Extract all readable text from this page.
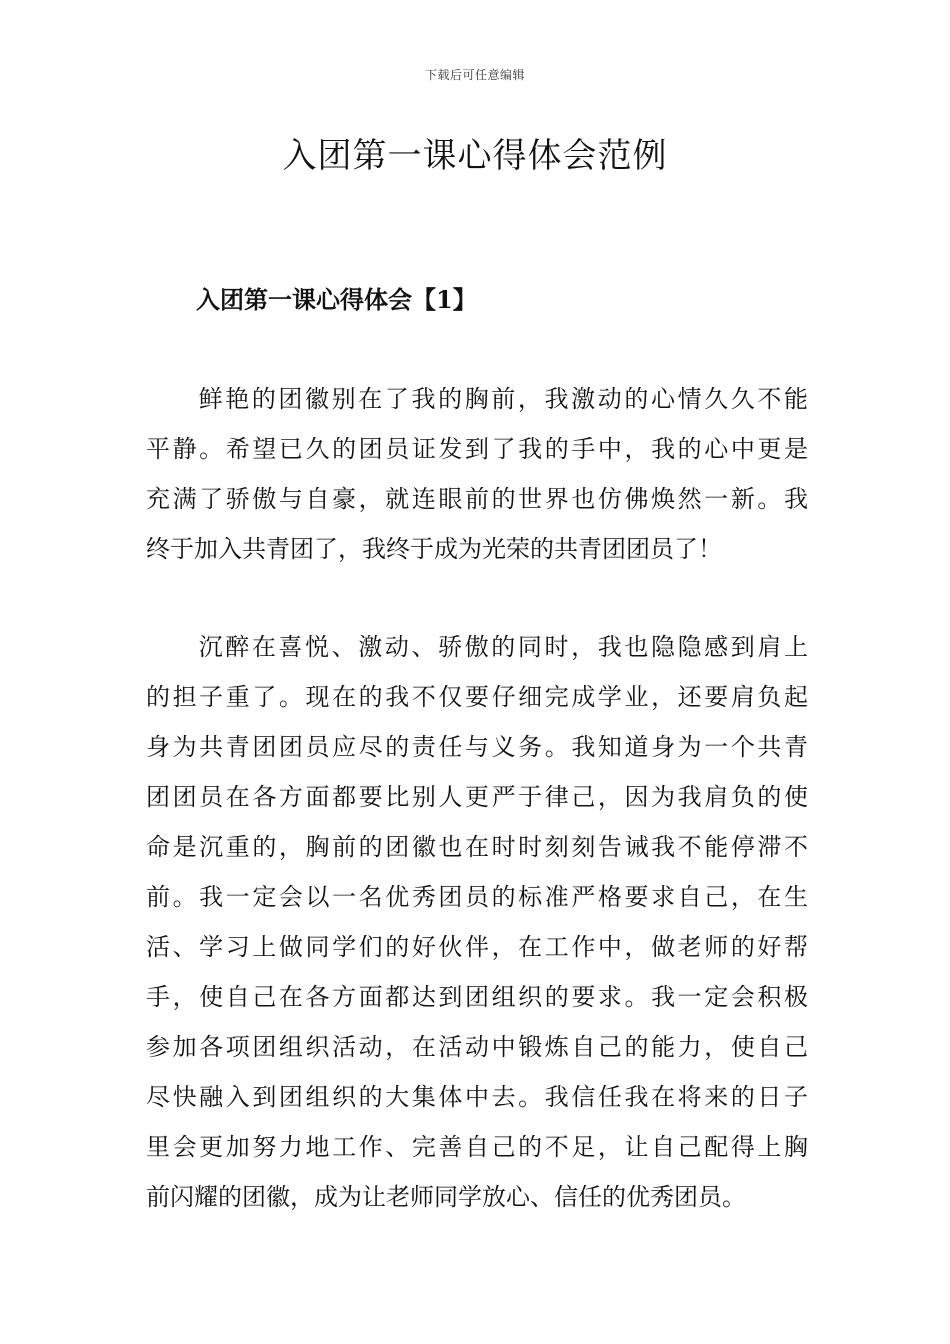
下载后可任意编辑
入团第一课心得体会范例
入团第一课心得体会【1】
鲜艳的团徽别在了我的胸前，我激动的心情久久不能
平静。希望已久的团员证发到了我的手中，我的心中更是
充满了骄傲与自豪，就连眼前的世界也仿佛焕然一新。我
终于加入共青团了，我终于成为光荣的共青团团员了！
沉醉在喜悦、激动、骄傲的同时，我也隐隐感到肩上
的担子重了。现在的我不仅要仔细完成学业，还要肩负起
身为共青团团员应尽的责任与义务。我知道身为一个共青
团团员在各方面都要比别人更严于律己，因为我肩负的使
命是沉重的，胸前的团徽也在时时刻刻告诫我不能停滞不
前。我一定会以一名优秀团员的标准严格要求自己，在生
活、学习上做同学们的好伙伴，在工作中，做老师的好帮
手，使自己在各方面都达到团组织的要求。我一定会积极
参加各项团组织活动，在活动中锻炼自己的能力，使自己
尽快融入到团组织的大集体中去。我信任我在将来的日子
里会更加努力地工作、完善自己的不足，让自己配得上胸
前闪耀的团徽，成为让老师同学放心、信任的优秀团员。
